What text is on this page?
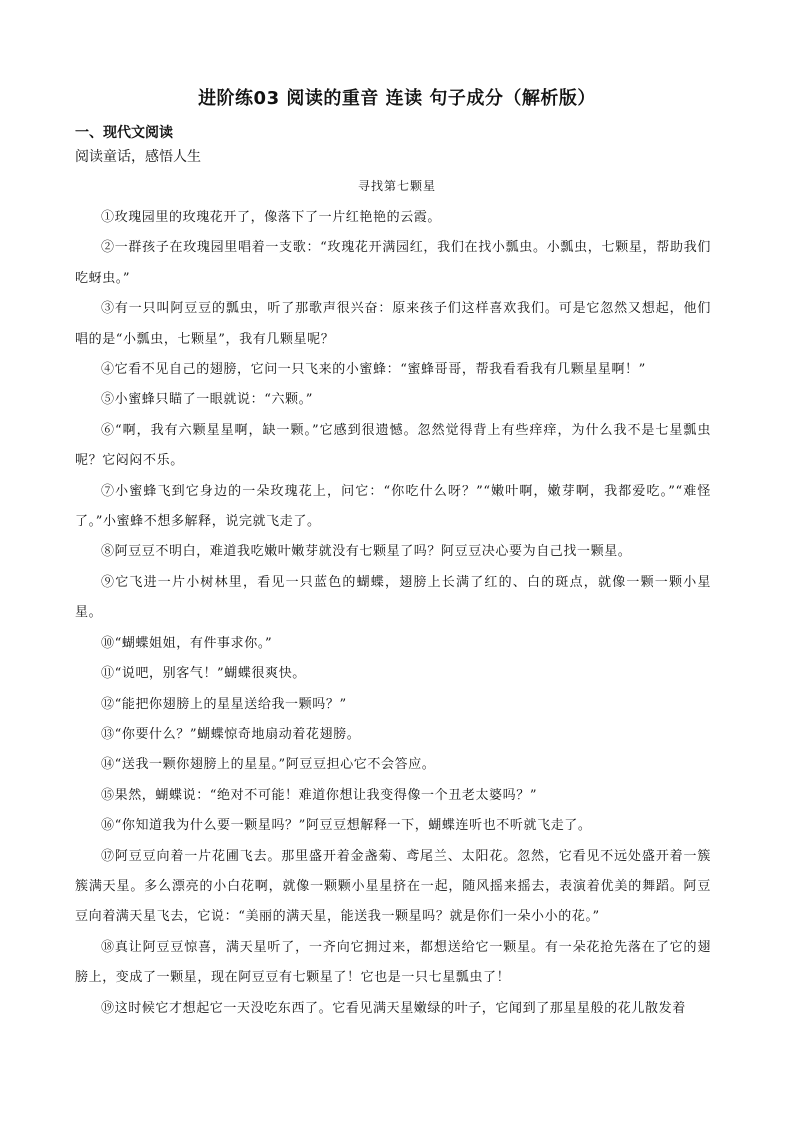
进阶练03 阅读的重音 连读 句子成分（解析版）
一、现代文阅读
阅读童话，感悟人生
寻找第七颗星

①玫瑰园里的玫瑰花开了，像落下了一片红艳艳的云霞。

②一群孩子在玫瑰园里唱着一支歌：“玫瑰花开满园红，我们在找小瓢虫。小瓢虫，七颗星，帮助我们吃蚜虫。”

③有一只叫阿豆豆的瓢虫，听了那歌声很兴奋：原来孩子们这样喜欢我们。可是它忽然又想起，他们唱的是“小瓢虫，七颗星”，我有几颗星呢？

④它看不见自己的翅膀，它问一只飞来的小蜜蜂：“蜜蜂哥哥，帮我看看我有几颗星星啊！”

⑤小蜜蜂只瞄了一眼就说：“六颗。”

⑥“啊，我有六颗星星啊，缺一颗。”它感到很遗憾。忽然觉得背上有些痒痒，为什么我不是七星瓢虫呢？它闷闷不乐。

⑦小蜜蜂飞到它身边的一朵玫瑰花上，问它：“你吃什么呀？”“嫩叶啊，嫩芽啊，我都爱吃。”“难怪了。”小蜜蜂不想多解释，说完就飞走了。

⑧阿豆豆不明白，难道我吃嫩叶嫩芽就没有七颗星了吗？阿豆豆决心要为自己找一颗星。

⑨它飞进一片小树林里，看见一只蓝色的蝴蝶，翅膀上长满了红的、白的斑点，就像一颗一颗小星星。

⑩“蝴蝶姐姐，有件事求你。”

⑪“说吧，别客气！”蝴蝶很爽快。

⑫“能把你翅膀上的星星送给我一颗吗？”

⑬“你要什么？”蝴蝶惊奇地扇动着花翅膀。

⑭“送我一颗你翅膀上的星星。”阿豆豆担心它不会答应。

⑮果然，蝴蝶说：“绝对不可能！难道你想让我变得像一个丑老太婆吗？”

⑯“你知道我为什么要一颗星吗？”阿豆豆想解释一下，蝴蝶连听也不听就飞走了。

⑰阿豆豆向着一片花圃飞去。那里盛开着金盏菊、鸢尾兰、太阳花。忽然，它看见不远处盛开着一簇簇满天星。多么漂亮的小白花啊，就像一颗颗小星星挤在一起，随风摇来摇去，表演着优美的舞蹈。阿豆豆向着满天星飞去，它说：“美丽的满天星，能送我一颗星吗？就是你们一朵小小的花。”

⑱真让阿豆豆惊喜，满天星听了，一齐向它拥过来，都想送给它一颗星。有一朵花抢先落在了它的翅膀上，变成了一颗星，现在阿豆豆有七颗星了！它也是一只七星瓢虫了！

⑲这时候它才想起它一天没吃东西了。它看见满天星嫩绿的叶子，它闻到了那星星般的花儿散发着
